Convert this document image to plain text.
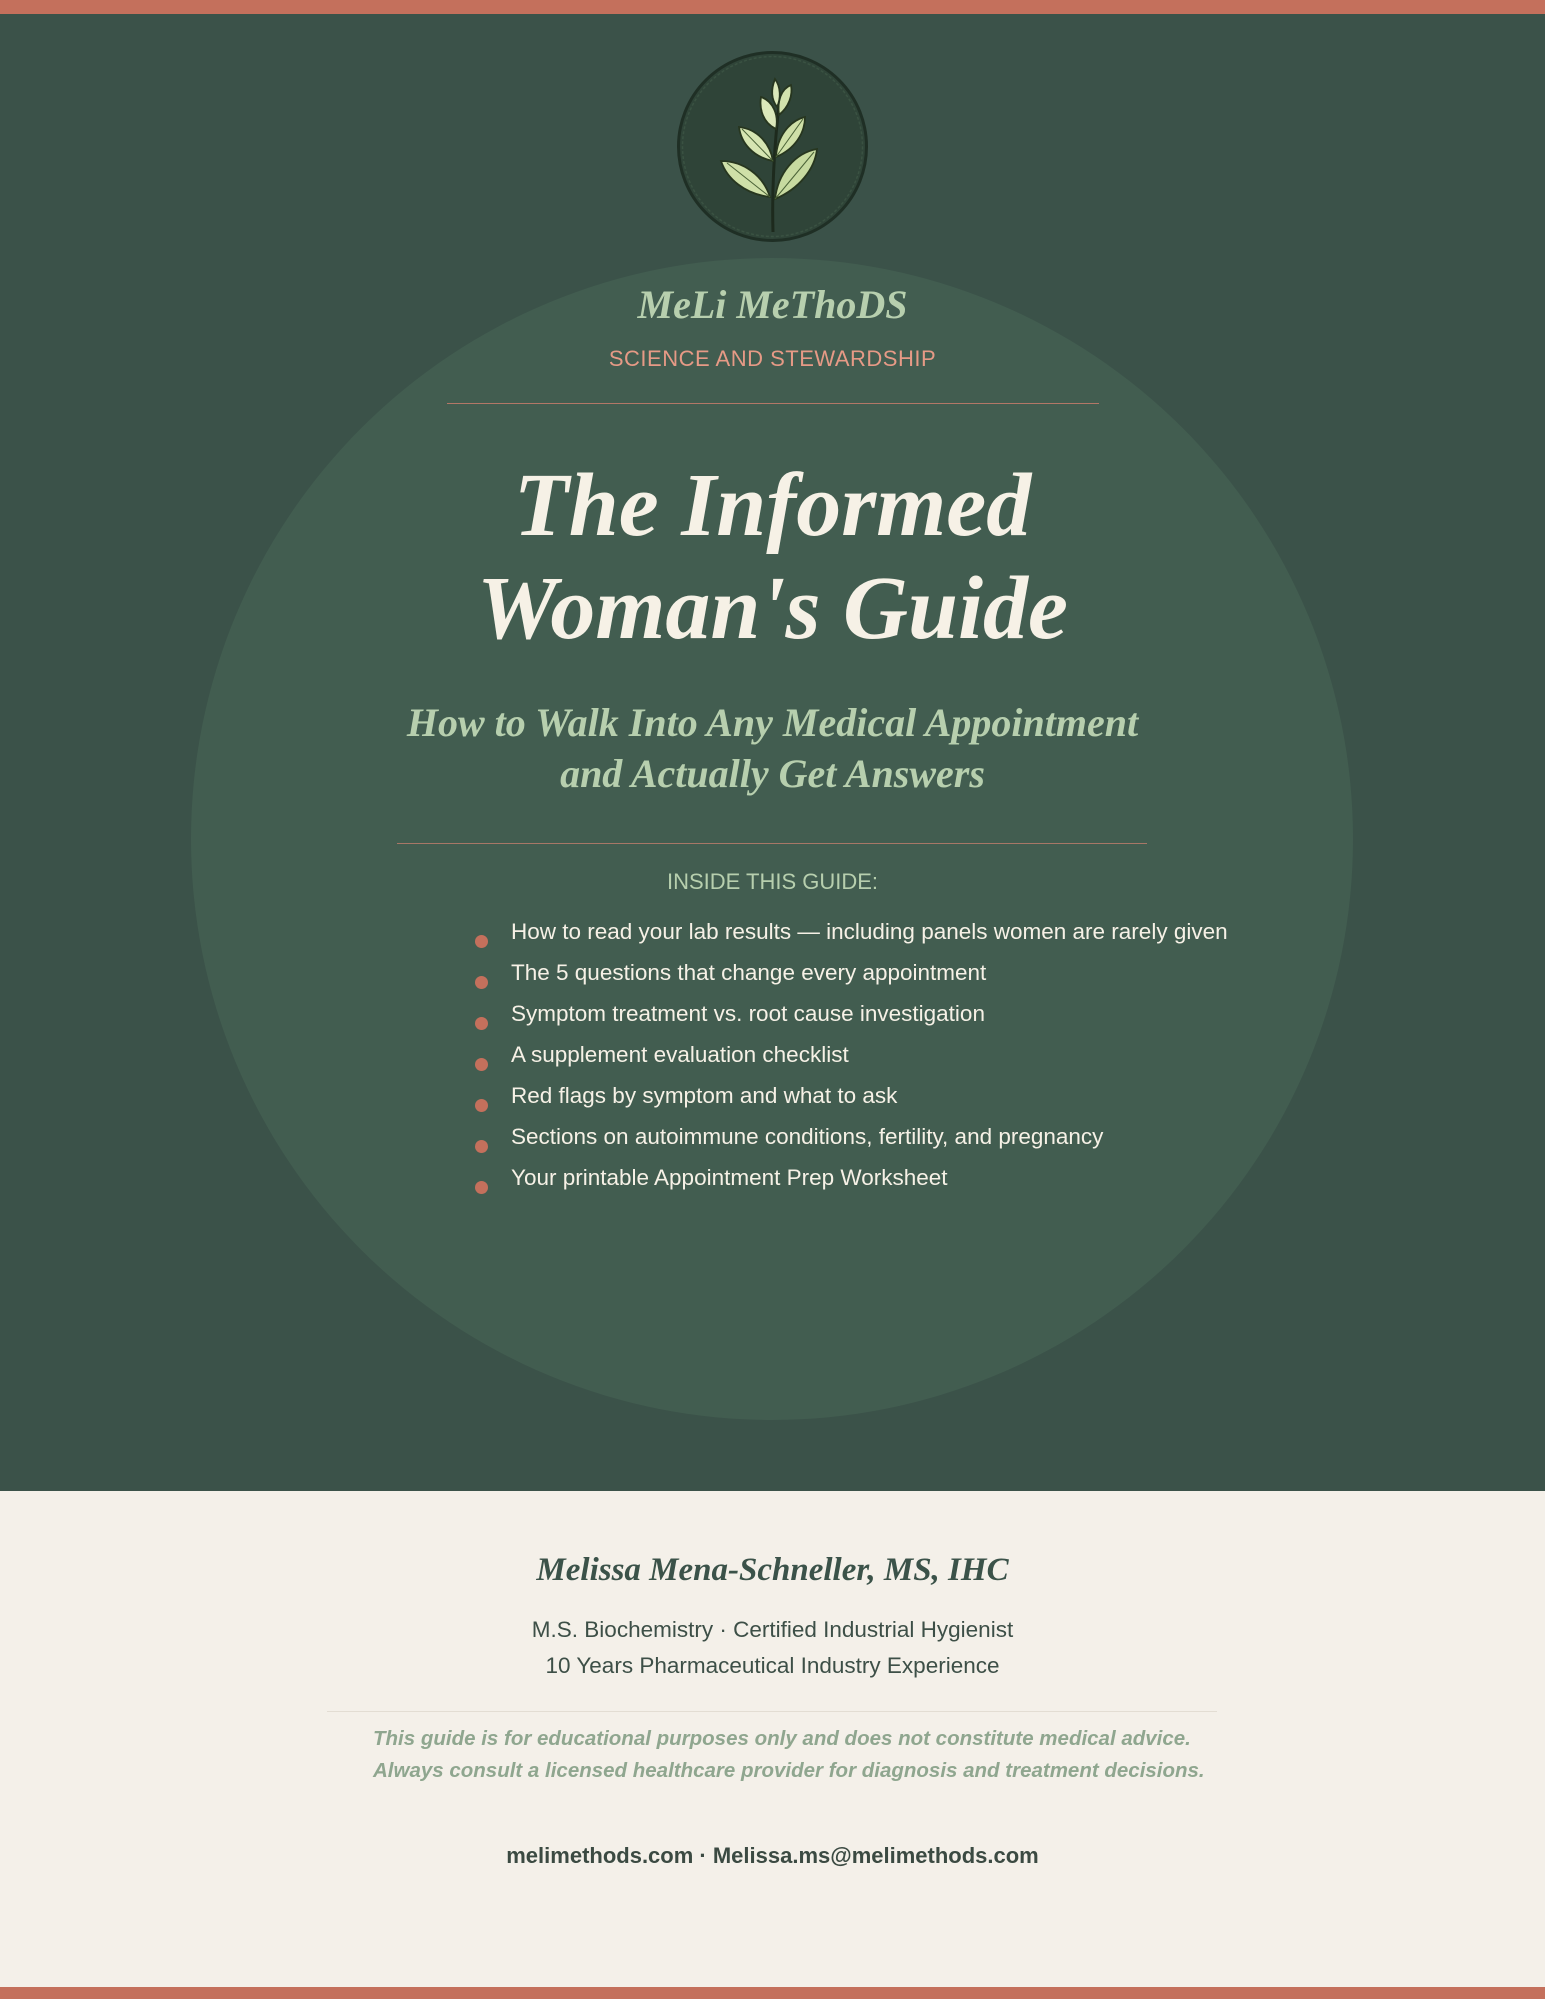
MeLi MeThoDS
SCIENCE AND STEWARDSHIP
The Informed
Woman's Guide
How to Walk Into Any Medical Appointment
and Actually Get Answers
INSIDE THIS GUIDE:
How to read your lab results — including panels women are rarely given
The 5 questions that change every appointment
Symptom treatment vs. root cause investigation
A supplement evaluation checklist
Red flags by symptom and what to ask
Sections on autoimmune conditions, fertility, and pregnancy
Your printable Appointment Prep Worksheet
Melissa Mena-Schneller, MS, IHC
M.S. Biochemistry · Certified Industrial Hygienist
10 Years Pharmaceutical Industry Experience
This guide is for educational purposes only and does not constitute medical advice.
Always consult a licensed healthcare provider for diagnosis and treatment decisions.
melimethods.com · Melissa.ms@melimethods.com
